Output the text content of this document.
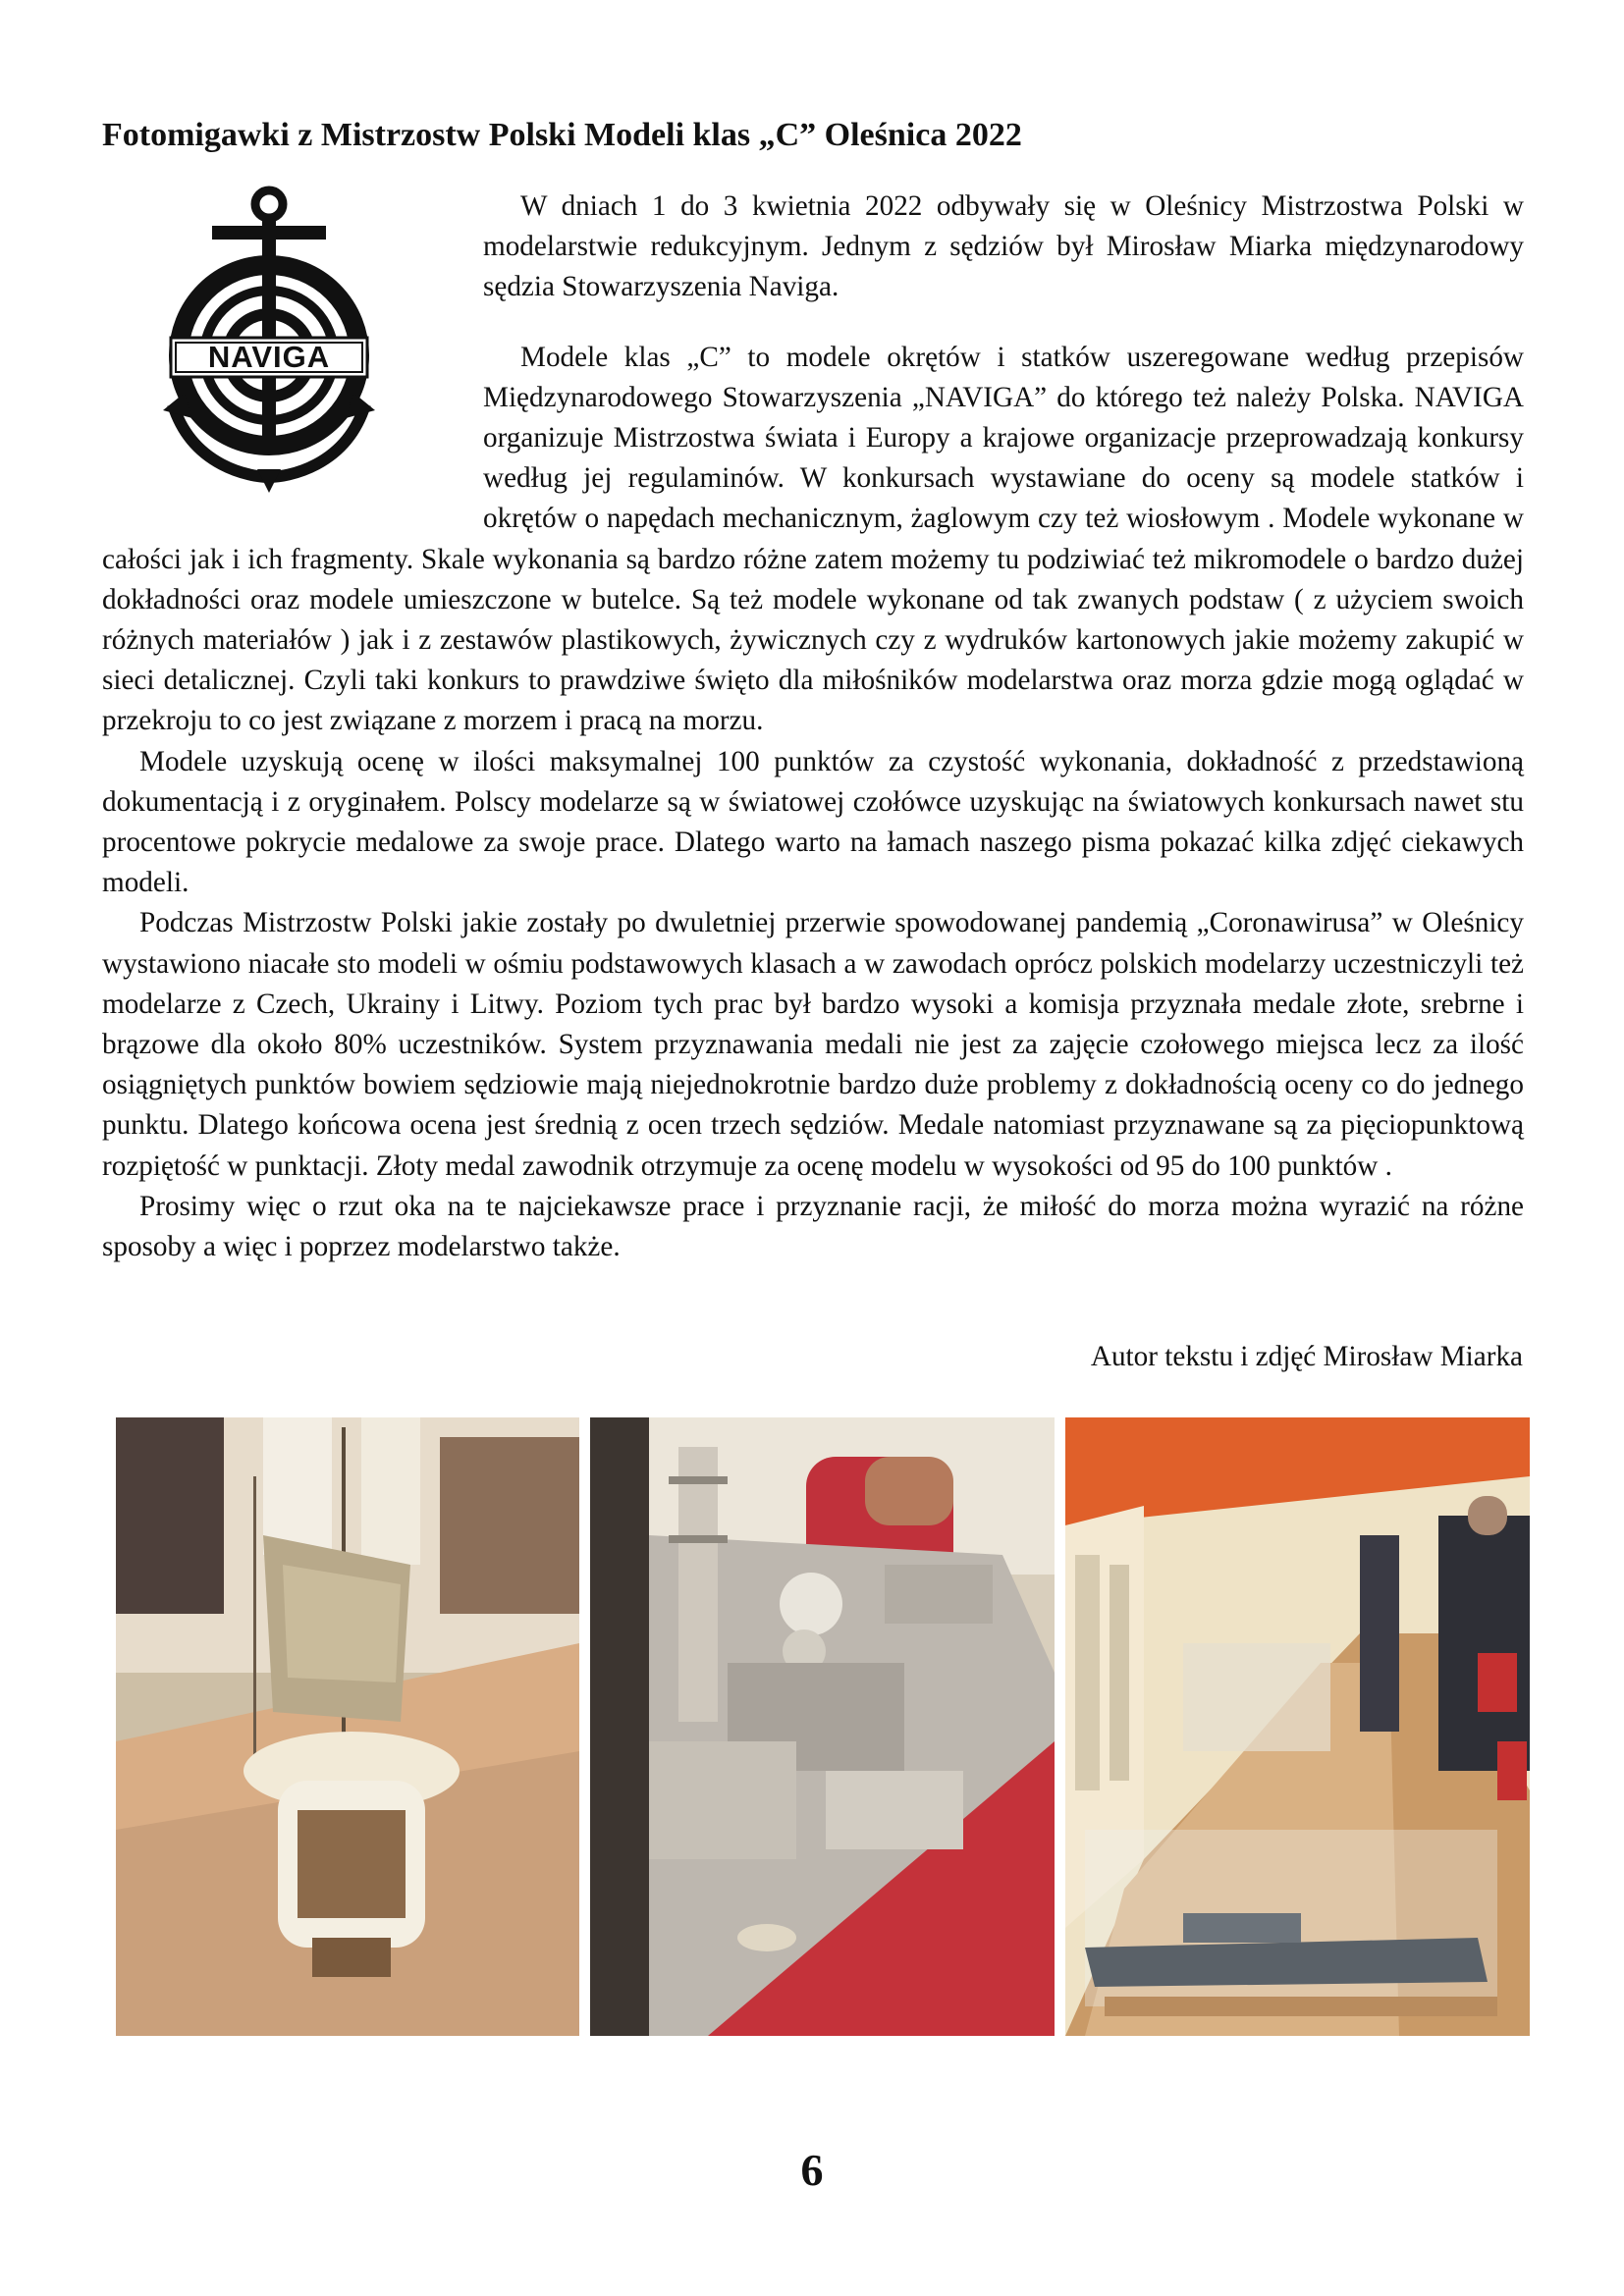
Fotomigawki z Mistrzostw Polski Modeli klas „C” Oleśnica 2022
NAVIGA

W dniach 1 do 3 kwietnia 2022 odbywały się w Oleśnicy Mistrzostwa Polski w modelarstwie redukcyjnym. Jednym z sędziów był Mirosław Miarka międzynarodowy sędzia Stowarzyszenia Naviga.

Modele klas „C” to modele okrętów i statków uszeregowane według przepisów Międzynarodowego Stowarzyszenia „NAVIGA” do którego też należy Polska. NAVIGA organizuje Mistrzostwa świata i Europy a krajowe organizacje przeprowadzają konkursy według jej regulaminów. W konkursach wystawiane do oceny są modele statków i okrętów o napędach mechanicznym, żaglowym czy też wiosłowym . Modele wykonane w całości jak i ich fragmenty. Skale wykonania są bardzo różne zatem możemy tu podziwiać też mikromodele o bardzo dużej dokładności oraz modele umieszczone w butelce. Są też modele wykonane od tak zwanych podstaw ( z użyciem swoich różnych materiałów ) jak i z zestawów plastikowych, żywicznych czy z wydruków kartonowych jakie możemy zakupić w sieci detalicznej. Czyli taki konkurs to prawdziwe święto dla miłośników modelarstwa oraz morza gdzie mogą oglądać w przekroju to co jest związane z morzem i pracą na morzu.

Modele uzyskują ocenę w ilości maksymalnej 100 punktów za czystość wykonania, dokładność z przedstawioną dokumentacją i z oryginałem. Polscy modelarze są w światowej czołówce uzyskując na światowych konkursach nawet stu procentowe pokrycie medalowe za swoje prace. Dlatego warto na łamach naszego pisma pokazać kilka zdjęć ciekawych modeli.

Podczas Mistrzostw Polski jakie zostały po dwuletniej przerwie spowodowanej pandemią „Coronawirusa” w Oleśnicy wystawiono niacałe sto modeli w ośmiu podstawowych klasach a w zawodach oprócz polskich modelarzy uczestniczyli też modelarze z Czech, Ukrainy i Litwy. Poziom tych prac był bardzo wysoki a komisja przyznała medale złote, srebrne i brązowe dla około 80% uczestników. System przyznawania medali nie jest za zajęcie czołowego miejsca lecz za ilość osiągniętych punktów bowiem sędziowie mają niejednokrotnie bardzo duże problemy z dokładnością oceny co do jednego punktu. Dlatego końcowa ocena jest średnią z ocen trzech sędziów. Medale natomiast przyznawane są za pięciopunktową rozpiętość w punktacji. Złoty medal zawodnik otrzymuje za ocenę modelu w wysokości od 95 do 100 punktów .

Prosimy więc o rzut oka na te najciekawsze prace i przyznanie racji, że miłość do morza można wyrazić na różne sposoby a więc i poprzez modelarstwo także.

Autor tekstu i zdjęć Mirosław Miarka
6
